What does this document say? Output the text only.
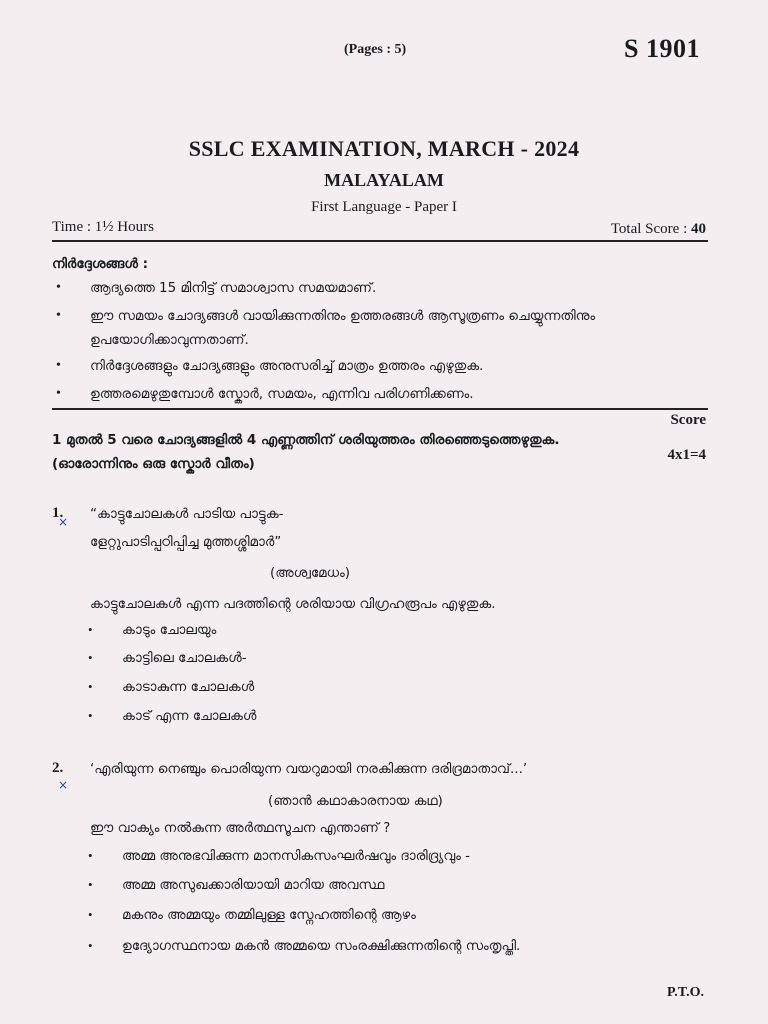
(Pages : 5)	S 1901
SSLC EXAMINATION, MARCH - 2024
MALAYALAM
First Language - Paper I
Time : 1½ Hours	Total Score : 40
നിർദ്ദേശങ്ങൾ :
• ആദ്യത്തെ 15 മിനിട്ട് സമാശ്വാസ സമയമാണ്.
• ഈ സമയം ചോദ്യങ്ങൾ വായിക്കുന്നതിനും ഉത്തരങ്ങൾ ആസൂത്രണം ചെയ്യുന്നതിനും ഉപയോഗിക്കാവുന്നതാണ്.
• നിർദ്ദേശങ്ങളും ചോദ്യങ്ങളും അനുസരിച്ച് മാത്രം ഉത്തരം എഴുതുക.
• ഉത്തരമെഴുതുമ്പോൾ സ്കോർ, സമയം, എന്നിവ പരിഗണിക്കണം.
Score
1 മുതൽ 5 വരെ ചോദ്യങ്ങളിൽ 4 എണ്ണത്തിന് ശരിയുത്തരം തിരഞ്ഞെടുത്തെഴുതുക.
(ഓരോന്നിനും ഒരു സ്കോർ വീതം)
4x1=4
1.
× “കാട്ടുചോലകൾ പാടിയ പാട്ടുക-
ളേറ്റുപാടിപ്പഠിപ്പിച്ച മുത്തശ്ശിമാർ”
(അശ്വമേധം)
കാട്ടുചോലകൾ എന്ന പദത്തിന്റെ ശരിയായ വിഗ്രഹരൂപം എഴുതുക.
• കാടും ചോലയും
• കാട്ടിലെ ചോലകൾ-
• കാടാകുന്ന ചോലകൾ
• കാട് എന്ന ചോലകൾ
2.
×
‘എരിയുന്ന നെഞ്ചും പൊരിയുന്ന വയറുമായി നരകിക്കുന്ന ദരിദ്രമാതാവ്...’
(ഞാൻ കഥാകാരനായ കഥ)
ഈ വാക്യം നൽകുന്ന അർത്ഥസൂചന എന്താണ് ?
• അമ്മ അനുഭവിക്കുന്ന മാനസികസംഘർഷവും ദാരിദ്ര്യവും -
• അമ്മ അസുഖക്കാരിയായി മാറിയ അവസ്ഥ
• മകനും അമ്മയും തമ്മിലുള്ള സ്നേഹത്തിന്റെ ആഴം
• ഉദ്യോഗസ്ഥനായ മകൻ അമ്മയെ സംരക്ഷിക്കുന്നതിന്റെ സംതൃപ്തി.
P.T.O.
